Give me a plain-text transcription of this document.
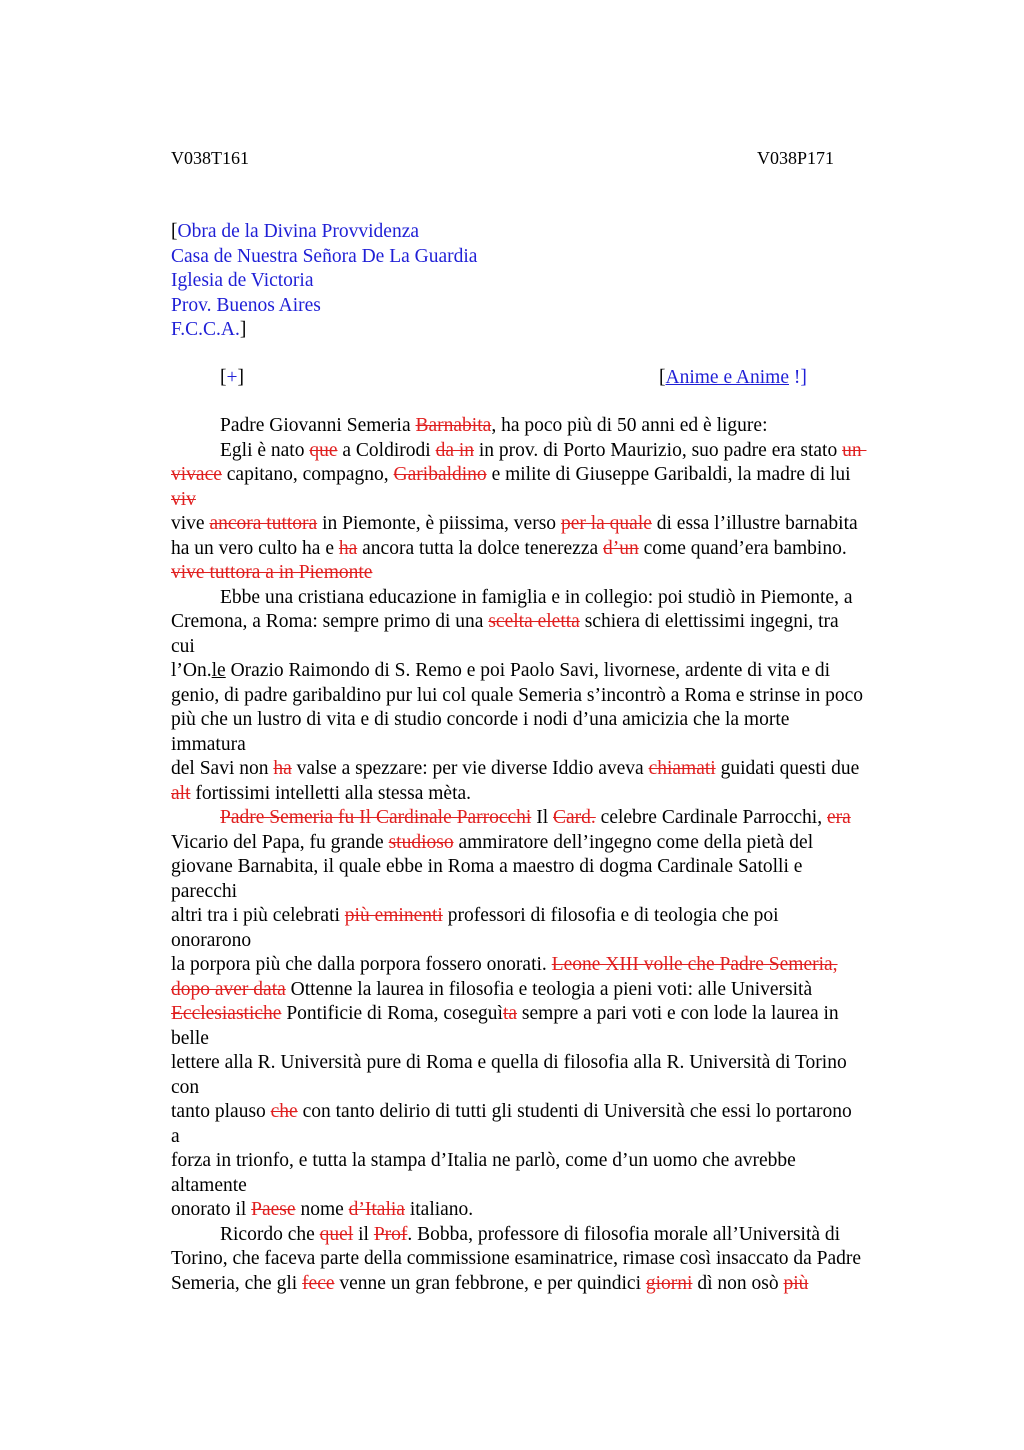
V038T161	V038P171
[Obra de la Divina Provvidenza
Casa de Nuestra Señora De La Guardia
Iglesia de Victoria
Prov. Buenos Aires
F.C.C.A.]
[+]	[Anime e Anime !]
Padre Giovanni Semeria Barnabita, ha poco più di 50 anni ed è ligure:
Egli è nato que a Coldirodi da in in prov. di Porto Maurizio, suo padre era stato un
vivace capitano, compagno, Garibaldino e milite di Giuseppe Garibaldi, la madre di lui
viv
vive ancora tuttora in Piemonte, è piissima, verso per la quale di essa l’illustre barnabita
ha un vero culto ha e ha ancora tutta la dolce tenerezza d’un come quand’era bambino.
vive tuttora a in Piemonte
Ebbe una cristiana educazione in famiglia e in collegio: poi studiò in Piemonte, a
Cremona, a Roma: sempre primo di una scelta eletta schiera di elettissimi ingegni, tra
cui
l’On.le Orazio Raimondo di S. Remo e poi Paolo Savi, livornese, ardente di vita e di
genio, di padre garibaldino pur lui col quale Semeria s’incontrò a Roma e strinse in poco
più che un lustro di vita e di studio concorde i nodi d’una amicizia che la morte
immatura
del Savi non ha valse a spezzare: per vie diverse Iddio aveva chiamati guidati questi due
alt fortissimi intelletti alla stessa mèta.
Padre Semeria fu Il Cardinale Parrocchi Il Card. celebre Cardinale Parrocchi, era
Vicario del Papa, fu grande studioso ammiratore dell’ingegno come della pietà del
giovane Barnabita, il quale ebbe in Roma a maestro di dogma Cardinale Satolli e
parecchi
altri tra i più celebrati più eminenti professori di filosofia e di teologia che poi
onorarono
la porpora più che dalla porpora fossero onorati. Leone XIII volle che Padre Semeria,
dopo aver data Ottenne la laurea in filosofia e teologia a pieni voti: alle Università
Ecclesiastiche Pontificie di Roma, coseguìta sempre a pari voti e con lode la laurea in
belle
lettere alla R. Università pure di Roma e quella di filosofia alla R. Università di Torino
con
tanto plauso che con tanto delirio di tutti gli studenti di Università che essi lo portarono
a
forza in trionfo, e tutta la stampa d’Italia ne parlò, come d’un uomo che avrebbe
altamente
onorato il Paese nome d’Italia italiano.
Ricordo che quel il Prof. Bobba, professore di filosofia morale all’Università di
Torino, che faceva parte della commissione esaminatrice, rimase così insaccato da Padre
Semeria, che gli fece venne un gran febbrone, e per quindici giorni dì non osò più
